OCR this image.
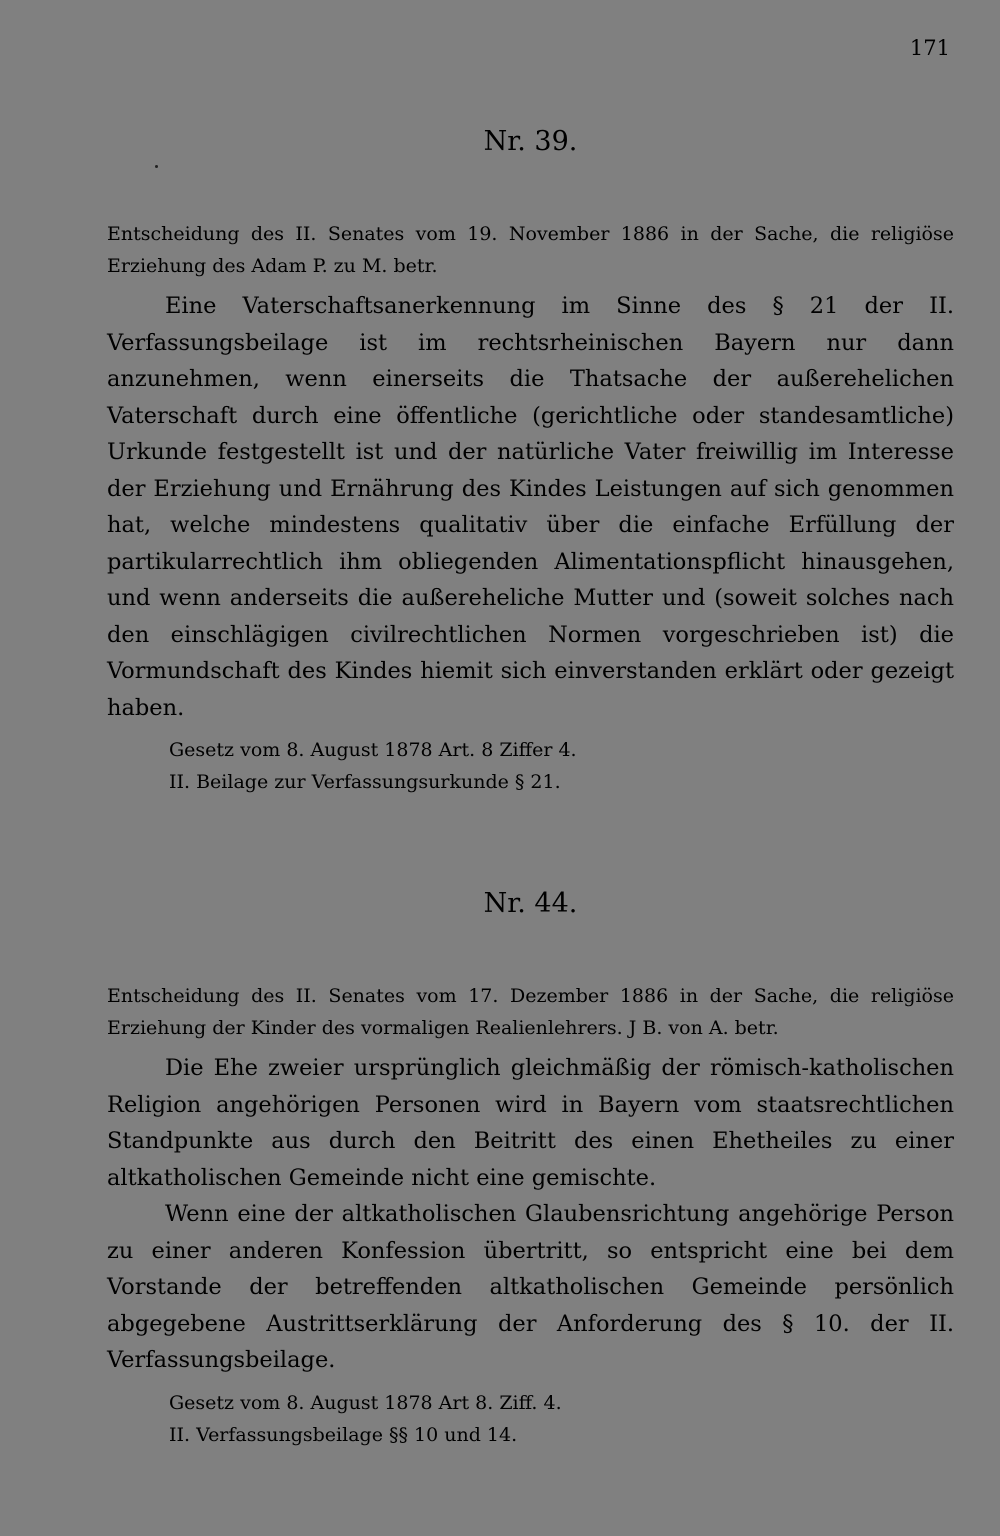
171
Nr. 39.

Entscheidung des II. Senates vom 19. November 1886 in der Sache, die religiöse Erziehung des Adam P. zu M. betr.

Eine Vaterschaftsanerkennung im Sinne des § 21 der II. Verfassungsbeilage ist im rechtsrheinischen Bayern nur dann anzunehmen, wenn einerseits die Thatsache der außerehelichen Vaterschaft durch eine öffentliche (gerichtliche oder standesamtliche) Urkunde festgestellt ist und der natürliche Vater freiwillig im Interesse der Erziehung und Ernährung des Kindes Leistungen auf sich genommen hat, welche mindestens qualitativ über die einfache Erfüllung der partikularrechtlich ihm obliegenden Alimentationspflicht hinausgehen, und wenn anderseits die außereheliche Mutter und (soweit solches nach den einschlägigen civilrechtlichen Normen vorgeschrieben ist) die Vormundschaft des Kindes hiemit sich einverstanden erklärt oder gezeigt haben.

Gesetz vom 8. August 1878 Art. 8 Ziffer 4.

II. Beilage zur Verfassungsurkunde § 21.

Nr. 44.

Entscheidung des II. Senates vom 17. Dezember 1886 in der Sache, die religiöse Erziehung der Kinder des vormaligen Realienlehrers. J B. von A. betr.

Die Ehe zweier ursprünglich gleichmäßig der römisch-katholischen Religion angehörigen Personen wird in Bayern vom staatsrechtlichen Standpunkte aus durch den Beitritt des einen Ehetheiles zu einer altkatholischen Gemeinde nicht eine gemischte.

Wenn eine der altkatholischen Glaubensrichtung angehörige Person zu einer anderen Konfession übertritt, so entspricht eine bei dem Vorstande der betreffenden altkatholischen Gemeinde persönlich abgegebene Austrittserklärung der Anforderung des § 10. der II. Verfassungsbeilage.

Gesetz vom 8. August 1878 Art 8. Ziff. 4.

II. Verfassungsbeilage §§ 10 und 14.
